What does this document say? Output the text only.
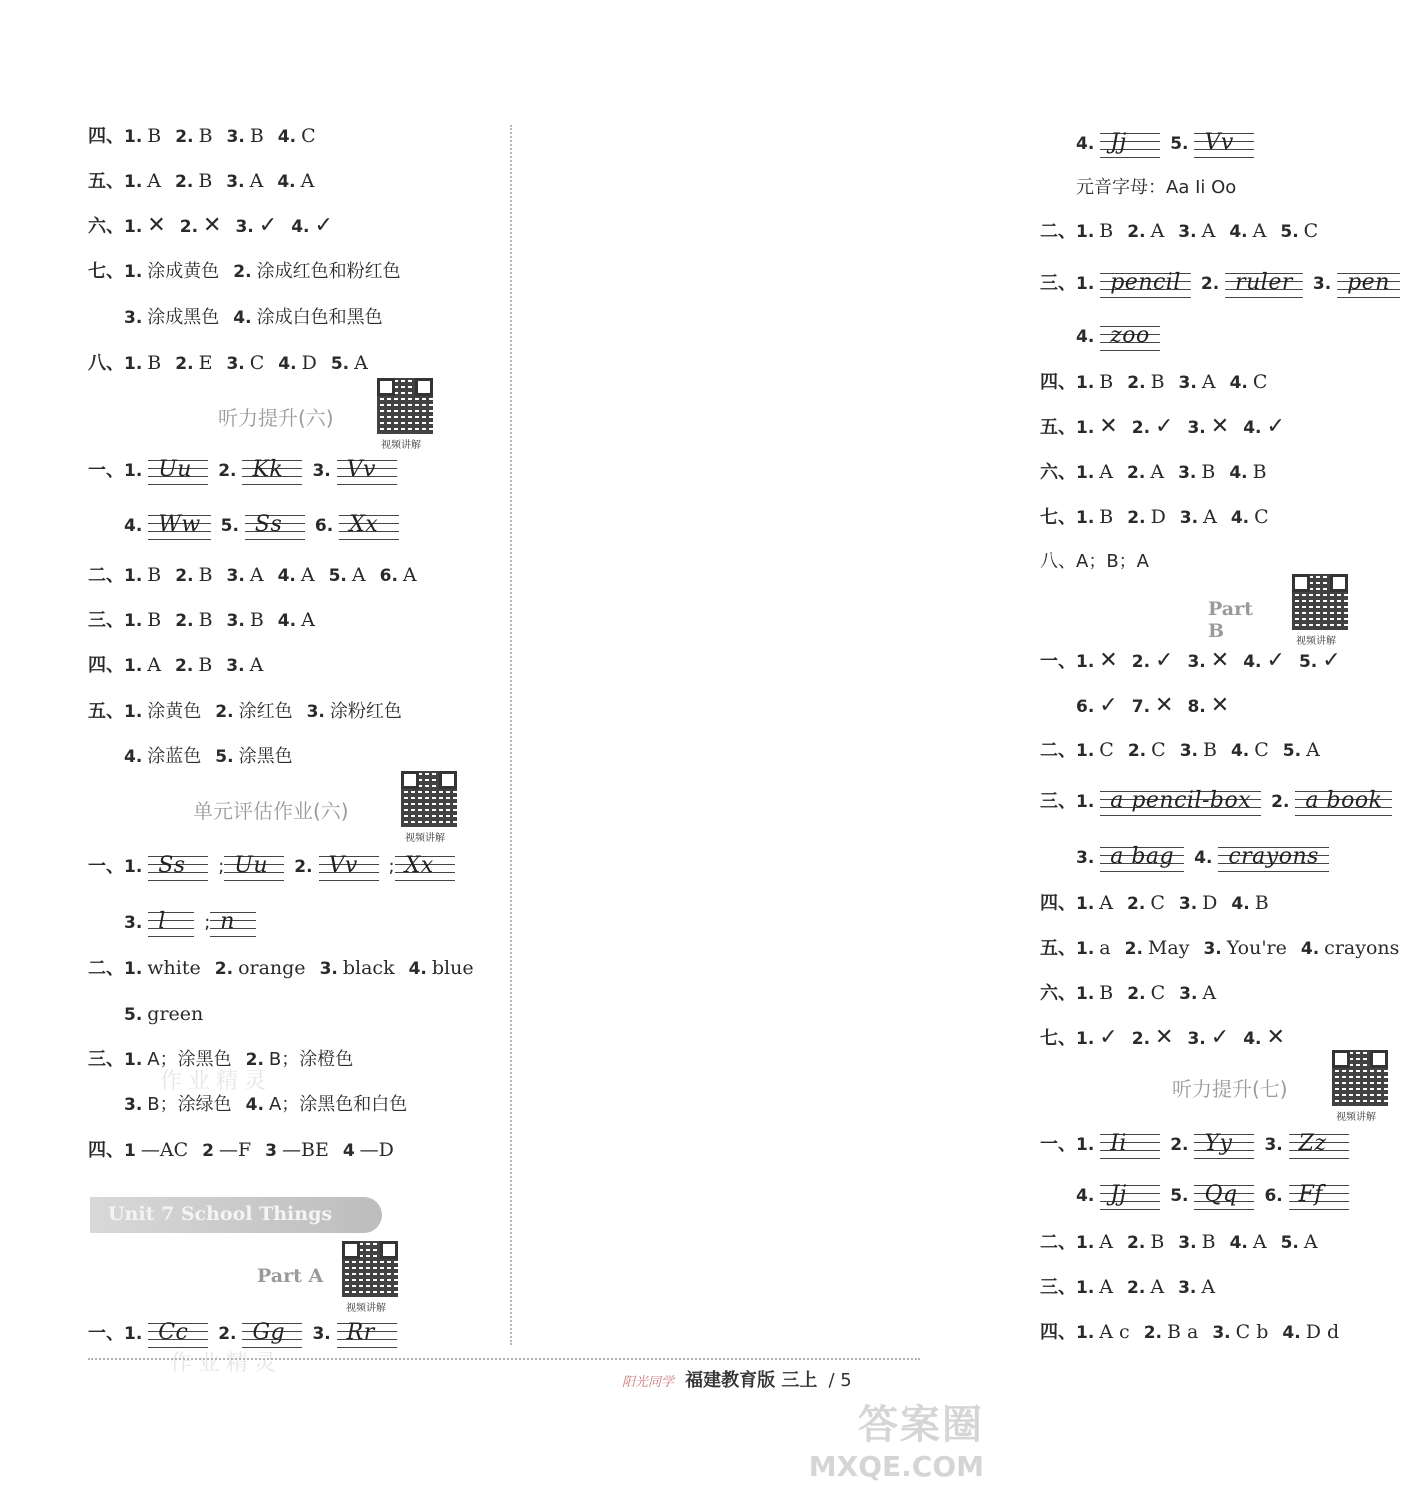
四、1. B 2. B 3. B 4. C
五、1. A 2. B 3. A 4. A
六、1. ✕ 2. ✕ 3. ✓ 4. ✓
七、1. 涂成黄色 2. 涂成红色和粉红色
3. 涂成黑色 4. 涂成白色和黑色
八、1. B 2. E 3. C 4. D 5. A
听力提升(六)
视频讲解
一、1.
Uu 2.
Kk 3.
Vv
4.
Ww 5.
Ss 6.
Xx
二、1. B 2. B 3. A 4. A 5. A 6. A
三、1. B 2. B 3. B 4. A
四、1. A 2. B 3. A
五、1. 涂黄色 2. 涂红色 3. 涂粉红色
4. 涂蓝色 5. 涂黑色
单元评估作业(六)
视频讲解
一、1.
Ss ; Uu 2.
Vv ; Xx
3.
l ; n
二、1. white 2. orange 3. black 4. blue
5. green
三、1. A；涂黑色 2. B；涂橙色
3. B；涂绿色 4. A；涂黑色和白色
四、1 —AC 2 —F 3 —BE 4 —D
Part A
视频讲解
一、1.
Cc 2.
Gg 3.
Rr
4.
Jj	5.
Vv
元音字母：Aa Ii Oo
二、1. B 2. A 3. A 4. A 5. C
三、1.
pencil 2.
ruler 3.
pen
4.
zoo
四、1. B 2. B 3. A 4. C
五、1. ✕ 2. ✓ 3. ✕ 4. ✓
六、1. A 2. A 3. B 4. B
七、1. B 2. D 3. A 4. C
八、A；B；A
Part B	视频讲解
一、1. ✕ 2. ✓ 3. ✕ 4. ✓ 5. ✓
6. ✓ 7. ✕ 8. ✕
二、1. C 2. C 3. B 4. C 5. A
三、1.
a pencil-box 2.
a book
3.
a bag 4.
crayons
四、1. A 2. C 3. D 4. B
五、1. a 2. May 3. You're 4. crayons
六、1. B 2. C 3. A
七、1. ✓ 2. ✕ 3. ✓ 4. ✕
听力提升(七)
视频讲解
一、1.
Ii	2.
Yy 3.
Zz
4.
Jj	5.
Qq 6.
Ff
二、1. A 2. B 3. B 4. A 5. A
三、1. A 2. A 3. A
四、1. A c 2. B a 3. C b 4. D d
Unit 7 School Things
作业精灵
作业精灵
阳光同学 福建教育版 三上 / 5
答案圈
MXQE.COM
